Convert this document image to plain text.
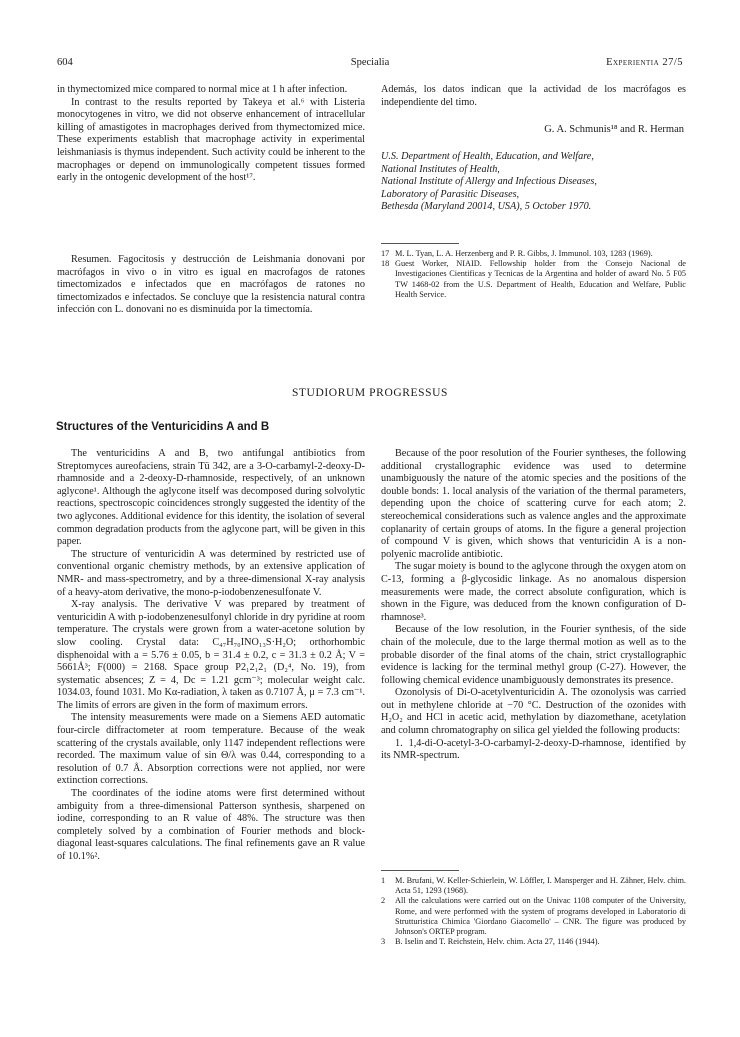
604	Specialia	Experientia 27/5

in thymectomized mice compared to normal mice at 1 h after infection.

In contrast to the results reported by Takeya et al.⁶ with Listeria monocytogenes in vitro, we did not observe enhancement of intracellular killing of amastigotes in macrophages derived from thymectomized mice. These experiments establish that macrophage activity in experimental leishmaniasis is thymus independent. Such activity could be inherent to the macrophages or depend on immunologically competent tissues formed early in the ontogenic development of the host¹⁷.

Resumen. Fagocitosis y destrucción de Leishmania donovani por macrófagos in vivo o in vitro es igual en macrofagos de ratones timectomizados e infectados que en macrófagos de ratones no timectomizados e infectados. Se concluye que la resistencia natural contra infección con L. donovani no es disminuida por la timectomía.

Además, los datos indican que la actividad de los macrófagos es independiente del timo.

G. A. Schmunis¹⁸ and R. Herman
U.S. Department of Health, Education, and Welfare,
National Institutes of Health,
National Institute of Allergy and Infectious Diseases,
Laboratory of Parasitic Diseases,
Bethesda (Maryland 20014, USA), 5 October 1970.

17 M. L. Tyan, L. A. Herzenberg and P. R. Gibbs, J. Immunol. 103, 1283 (1969).

18 Guest Worker, NIAID. Fellowship holder from the Consejo Nacional de Investigaciones Cientificas y Tecnicas de la Argentina and holder of award No. 5 F05 TW 1468-02 from the U.S. Department of Health, Education and Welfare, Public Health Service.

STUDIORUM PROGRESSUS
Structures of the Venturicidins A and B

The venturicidins A and B, two antifungal antibiotics from Streptomyces aureofaciens, strain Tü 342, are a 3-O-carbamyl-2-deoxy-D-rhamnoside and a 2-deoxy-D-rhamnoside, respectively, of an unknown aglycone¹. Although the aglycone itself was decomposed during solvolytic reactions, spectroscopic coincidences strongly suggested the identity of the two aglycones. Additional evidence for this identity, the isolation of several common degradation products from the aglycone part, will be given in this paper.

The structure of venturicidin A was determined by restricted use of conventional organic chemistry methods, by an extensive application of NMR- and mass-spectrometry, and by a three-dimensional X-ray analysis of a heavy-atom derivative, the mono-p-iodobenzenesulfonate V.

X-ray analysis. The derivative V was prepared by treatment of venturicidin A with p-iodobenzenesulfonyl chloride in dry pyridine at room temperature. The crystals were grown from a water-acetone solution by slow cooling. Crystal data: C₄₇H₇₀INO₁₃S·H₂O; orthorhombic disphenoidal with a = 5.76 ± 0.05, b = 31.4 ± 0.2, c = 31.3 ± 0.2 Å; V = 5661Å³; F(000) = 2168. Space group P2₁2₁2₁ (D₂⁴, No. 19), from systematic absences; Z = 4, Dc = 1.21 gcm⁻³; molecular weight calc. 1034.03, found 1031. Mo Kα-radiation, λ taken as 0.7107 Å, μ = 7.3 cm⁻¹. The limits of errors are given in the form of maximum errors.

The intensity measurements were made on a Siemens AED automatic four-circle diffractometer at room temperature. Because of the weak scattering of the crystals available, only 1147 independent reflections were recorded. The maximum value of sin Θ/λ was 0.44, corresponding to a resolution of 0.7 Å. Absorption corrections were not applied, nor were extinction corrections.

The coordinates of the iodine atoms were first determined without ambiguity from a three-dimensional Patterson synthesis, sharpened on iodine, corresponding to an R value of 48%. The structure was then completely solved by a combination of Fourier methods and block-diagonal least-squares calculations. The final refinements gave an R value of 10.1%².

Because of the poor resolution of the Fourier syntheses, the following additional crystallographic evidence was used to determine unambiguously the nature of the atomic species and the positions of the double bonds: 1. local analysis of the variation of the thermal parameters, depending upon the choice of scattering curve for each atom; 2. stereochemical considerations such as valence angles and the approximate coplanarity of certain groups of atoms. In the figure a general projection of compound V is given, which shows that venturicidin A is a non-polyenic macrolide antibiotic.

The sugar moiety is bound to the aglycone through the oxygen atom on C-13, forming a β-glycosidic linkage. As no anomalous dispersion measurements were made, the correct absolute configuration, which is shown in the Figure, was deduced from the known configuration of D-rhamnose³.

Because of the low resolution, in the Fourier synthesis, of the side chain of the molecule, due to the large thermal motion as well as to the probable disorder of the final atoms of the chain, strict crystallographic evidence is lacking for the terminal methyl group (C-27). However, the following chemical evidence unambiguously demonstrates its presence.

Ozonolysis of Di-O-acetylventuricidin A. The ozonolysis was carried out in methylene chloride at −70 °C. Destruction of the ozonides with H₂O₂ and HCl in acetic acid, methylation by diazomethane, acetylation and column chromatography on silica gel yielded the following products:

1. 1,4-di-O-acetyl-3-O-carbamyl-2-deoxy-D-rhamnose, identified by its NMR-spectrum.

1 M. Brufani, W. Keller-Schierlein, W. Löffler, I. Mansperger and H. Zähner, Helv. chim. Acta 51, 1293 (1968).

2 All the calculations were carried out on the Univac 1108 computer of the University, Rome, and were performed with the system of programs developed in Laboratorio di Strutturistica Chimica 'Giordano Giacomello' – CNR. The figure was produced by Johnson's ORTEP program.

3 B. Iselin and T. Reichstein, Helv. chim. Acta 27, 1146 (1944).
